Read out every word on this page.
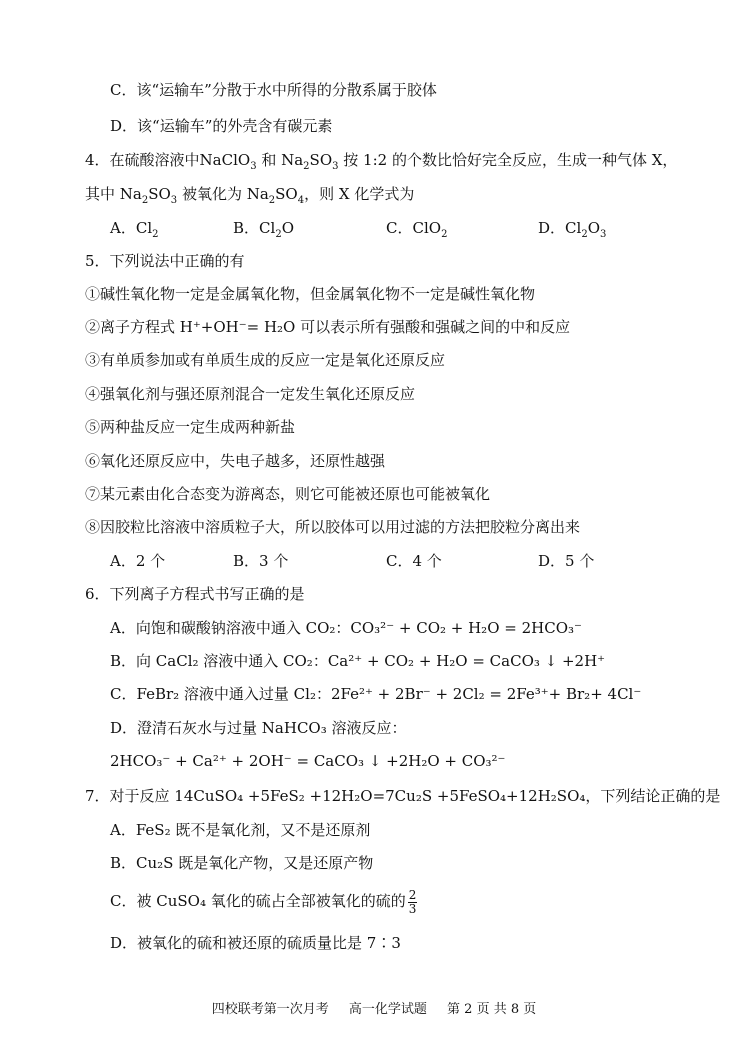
C．该“运输车”分散于水中所得的分散系属于胶体
D．该“运输车”的外壳含有碳元素
4．在硫酸溶液中NaClO$_3$ 和 $Na_2SO_3$ 按 1:2 的个数比恰好完全反应，生成一种气体 X，
其中 $Na_2SO_3$ 被氧化为 $Na_2SO_4$，则 X 化学式为
A．$Cl_2$	B．$Cl_2O$	C．ClO$_2$	D．$Cl_2O_3$
5．下列说法中正确的有
①碱性氧化物一定是金属氧化物，但金属氧化物不一定是碱性氧化物
②离子方程式 H⁺+OH⁻= H₂O 可以表示所有强酸和强碱之间的中和反应
③有单质参加或有单质生成的反应一定是氧化还原反应
④强氧化剂与强还原剂混合一定发生氧化还原反应
⑤两种盐反应一定生成两种新盐
⑥氧化还原反应中，失电子越多，还原性越强
⑦某元素由化合态变为游离态，则它可能被还原也可能被氧化
⑧因胶粒比溶液中溶质粒子大，所以胶体可以用过滤的方法把胶粒分离出来
A．2 个	B．3 个	C．4 个	D．5 个
6．下列离子方程式书写正确的是
A．向饱和碳酸钠溶液中通入 CO₂：CO₃²⁻ + CO₂ + H₂O = 2HCO₃⁻
B．向 CaCl₂ 溶液中通入 CO₂：Ca²⁺ + CO₂ + H₂O = CaCO₃ ↓ +2H⁺
C．FeBr₂ 溶液中通入过量 Cl₂：2Fe²⁺ + 2Br⁻ + 2Cl₂ = 2Fe³⁺+ Br₂+ 4Cl⁻
D．澄清石灰水与过量 NaHCO₃ 溶液反应：
2HCO₃⁻ + Ca²⁺ + 2OH⁻ = CaCO₃ ↓ +2H₂O + CO₃²⁻
7．对于反应 14CuSO₄ +5FeS₂ +12H₂O=7Cu₂S +5FeSO₄+12H₂SO₄，下列结论正确的是
A．FeS₂ 既不是氧化剂，又不是还原剂
B．Cu₂S 既是氧化产物，又是还原产物
C．被 CuSO₄ 氧化的硫占全部被氧化的硫的 $\frac{2}{3}$
D．被氧化的硫和被还原的硫质量比是 7∶3
四校联考第一次月考 高一化学试题 第 2 页 共 8 页
